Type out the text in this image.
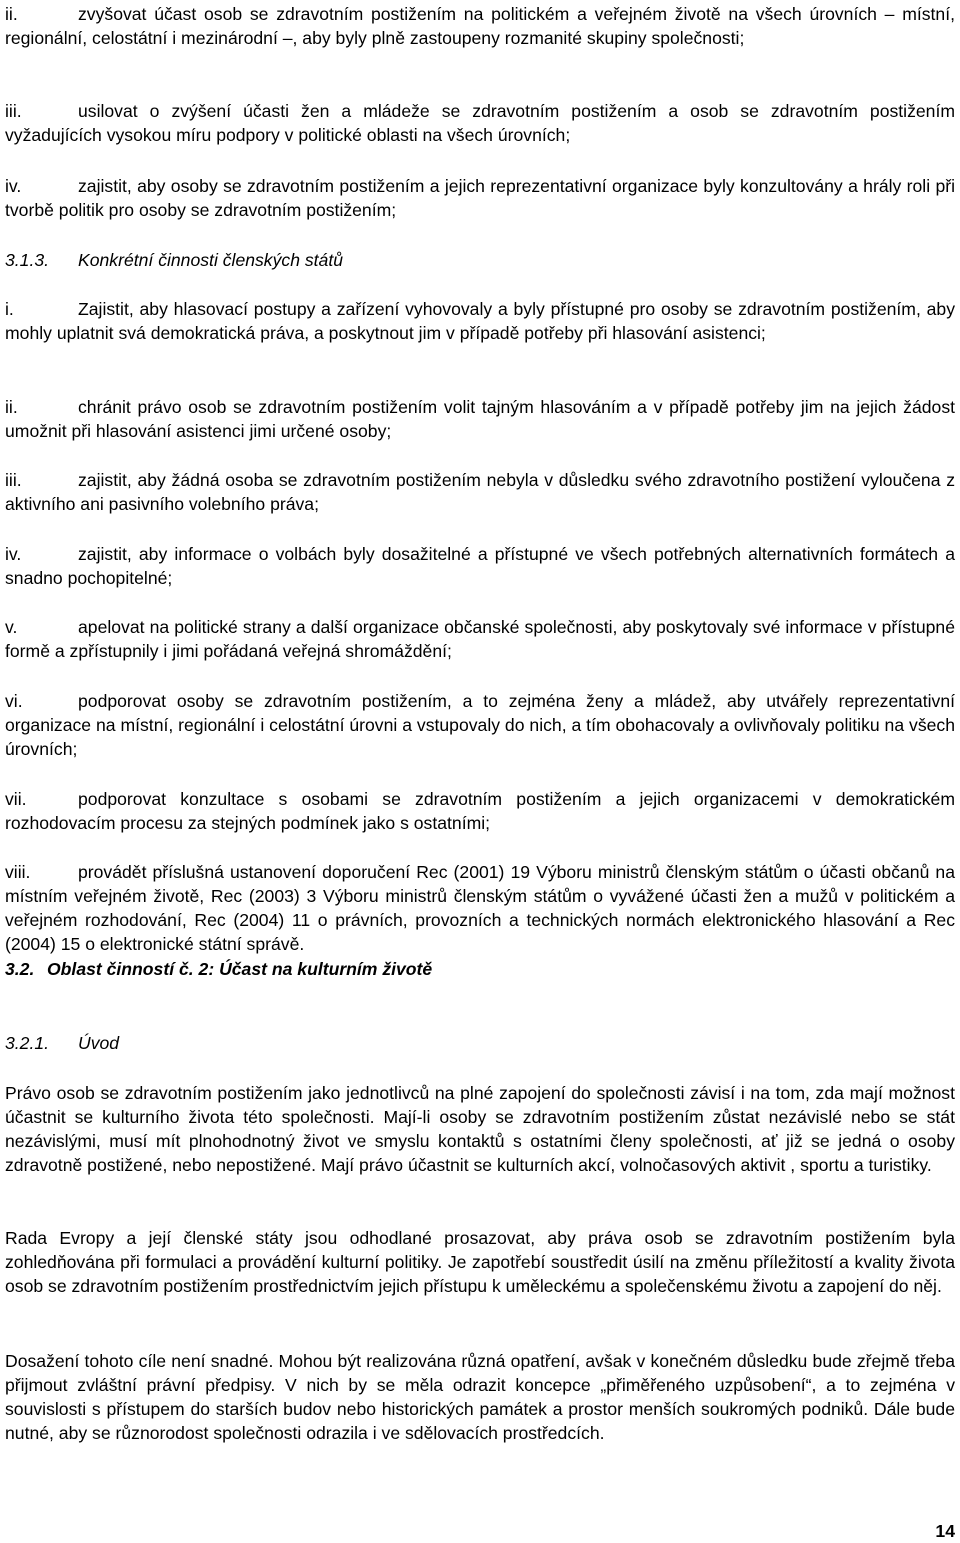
ii.	zvyšovat účast osob se zdravotním postižením na politickém a veřejném životě na všech úrovních – místní, regionální, celostátní i mezinárodní –, aby byly plně zastoupeny rozmanité skupiny společnosti;
iii.	usilovat o zvýšení účasti žen a mládeže se zdravotním postižením a osob se zdravotním postižením vyžadujících vysokou míru podpory v politické oblasti na všech úrovních;
iv.	zajistit, aby osoby se zdravotním postižením a jejich reprezentativní organizace byly konzultovány a hrály roli při tvorbě politik pro osoby se zdravotním postižením;
3.1.3. Konkrétní činnosti členských států
i.	Zajistit, aby hlasovací postupy a zařízení vyhovovaly a byly přístupné pro osoby se zdravotním postižením, aby mohly uplatnit svá demokratická práva, a poskytnout jim v případě potřeby při hlasování asistenci;
ii.	chránit právo osob se zdravotním postižením volit tajným hlasováním a v případě potřeby jim na jejich žádost umožnit při hlasování asistenci jimi určené osoby;
iii.	zajistit, aby žádná osoba se zdravotním postižením nebyla v důsledku svého zdravotního postižení vyloučena z aktivního ani pasivního volebního práva;
iv.	zajistit, aby informace o volbách byly dosažitelné a přístupné ve všech potřebných alternativních formátech a snadno pochopitelné;
v.	apelovat na politické strany a další organizace občanské společnosti, aby poskytovaly své informace v přístupné formě a zpřístupnily i jimi pořádaná veřejná shromáždění;
vi.	podporovat osoby se zdravotním postižením, a to zejména ženy a mládež, aby utvářely reprezentativní organizace na místní, regionální i celostátní úrovni a vstupovaly do nich, a tím obohacovaly a ovlivňovaly politiku na všech úrovních;
vii.	podporovat konzultace s osobami se zdravotním postižením a jejich organizacemi v demokratickém rozhodovacím procesu za stejných podmínek jako s ostatními;
viii.	provádět příslušná ustanovení doporučení Rec (2001) 19 Výboru ministrů členským státům o účasti občanů na místním veřejném životě, Rec (2003) 3 Výboru ministrů členským státům o vyvážené účasti žen a mužů v politickém a veřejném rozhodování, Rec (2004) 11 o právních, provozních a technických normách elektronického hlasování a Rec (2004) 15 o elektronické státní správě.
3.2. Oblast činností č. 2: Účast na kulturním životě
3.2.1. Úvod
Právo osob se zdravotním postižením jako jednotlivců na plné zapojení do společnosti závisí i na tom, zda mají možnost účastnit se kulturního života této společnosti. Mají-li osoby se zdravotním postižením zůstat nezávislé nebo se stát nezávislými, musí mít plnohodnotný život ve smyslu kontaktů s ostatními členy společnosti, ať již se jedná o osoby zdravotně postižené, nebo nepostižené. Mají právo účastnit se kulturních akcí, volnočasových aktivit , sportu a turistiky.
Rada Evropy a její členské státy jsou odhodlané prosazovat, aby práva osob se zdravotním postižením byla zohledňována při formulaci a provádění kulturní politiky. Je zapotřebí soustředit úsilí na změnu příležitostí a kvality života osob se zdravotním postižením prostřednictvím jejich přístupu k uměleckému a společenskému životu a zapojení do něj.
Dosažení tohoto cíle není snadné. Mohou být realizována různá opatření, avšak v konečném důsledku bude zřejmě třeba přijmout zvláštní právní předpisy. V nich by se měla odrazit koncepce „přiměřeného uzpůsobení“, a to zejména v souvislosti s přístupem do starších budov nebo historických památek a prostor menších soukromých podniků. Dále bude nutné, aby se různorodost společnosti odrazila i ve sdělovacích prostředcích.
14
